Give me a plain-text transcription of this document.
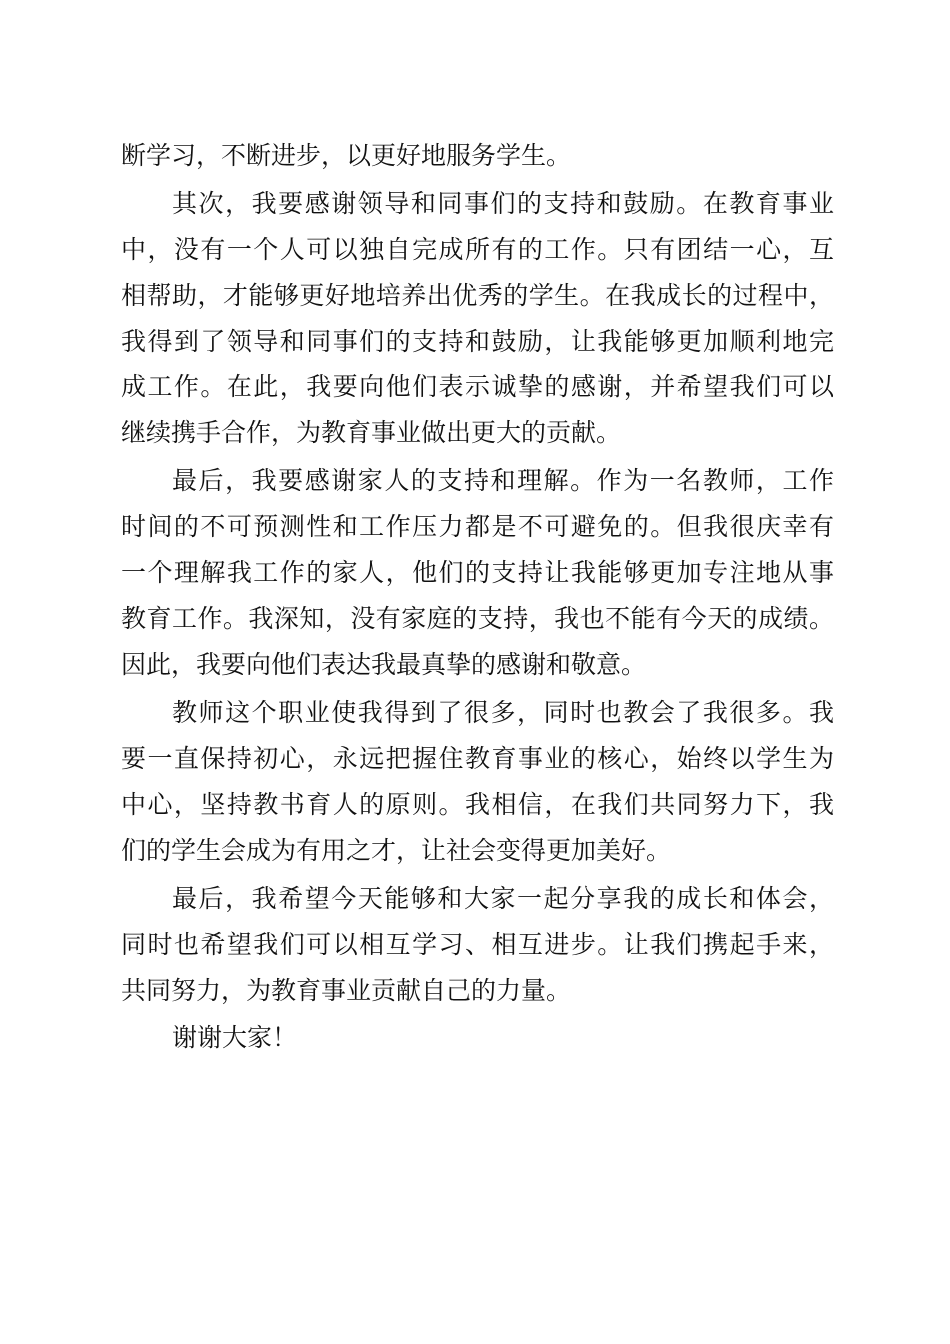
断学习，不断进步，以更好地服务学生。
其次，我要感谢领导和同事们的支持和鼓励。在教育事业
中，没有一个人可以独自完成所有的工作。只有团结一心，互
相帮助，才能够更好地培养出优秀的学生。在我成长的过程中，
我得到了领导和同事们的支持和鼓励，让我能够更加顺利地完
成工作。在此，我要向他们表示诚挚的感谢，并希望我们可以
继续携手合作，为教育事业做出更大的贡献。
最后，我要感谢家人的支持和理解。作为一名教师，工作
时间的不可预测性和工作压力都是不可避免的。但我很庆幸有
一个理解我工作的家人，他们的支持让我能够更加专注地从事
教育工作。我深知，没有家庭的支持，我也不能有今天的成绩。
因此，我要向他们表达我最真挚的感谢和敬意。
教师这个职业使我得到了很多，同时也教会了我很多。我
要一直保持初心，永远把握住教育事业的核心，始终以学生为
中心，坚持教书育人的原则。我相信，在我们共同努力下，我
们的学生会成为有用之才，让社会变得更加美好。
最后，我希望今天能够和大家一起分享我的成长和体会，
同时也希望我们可以相互学习、相互进步。让我们携起手来，
共同努力，为教育事业贡献自己的力量。
谢谢大家！
